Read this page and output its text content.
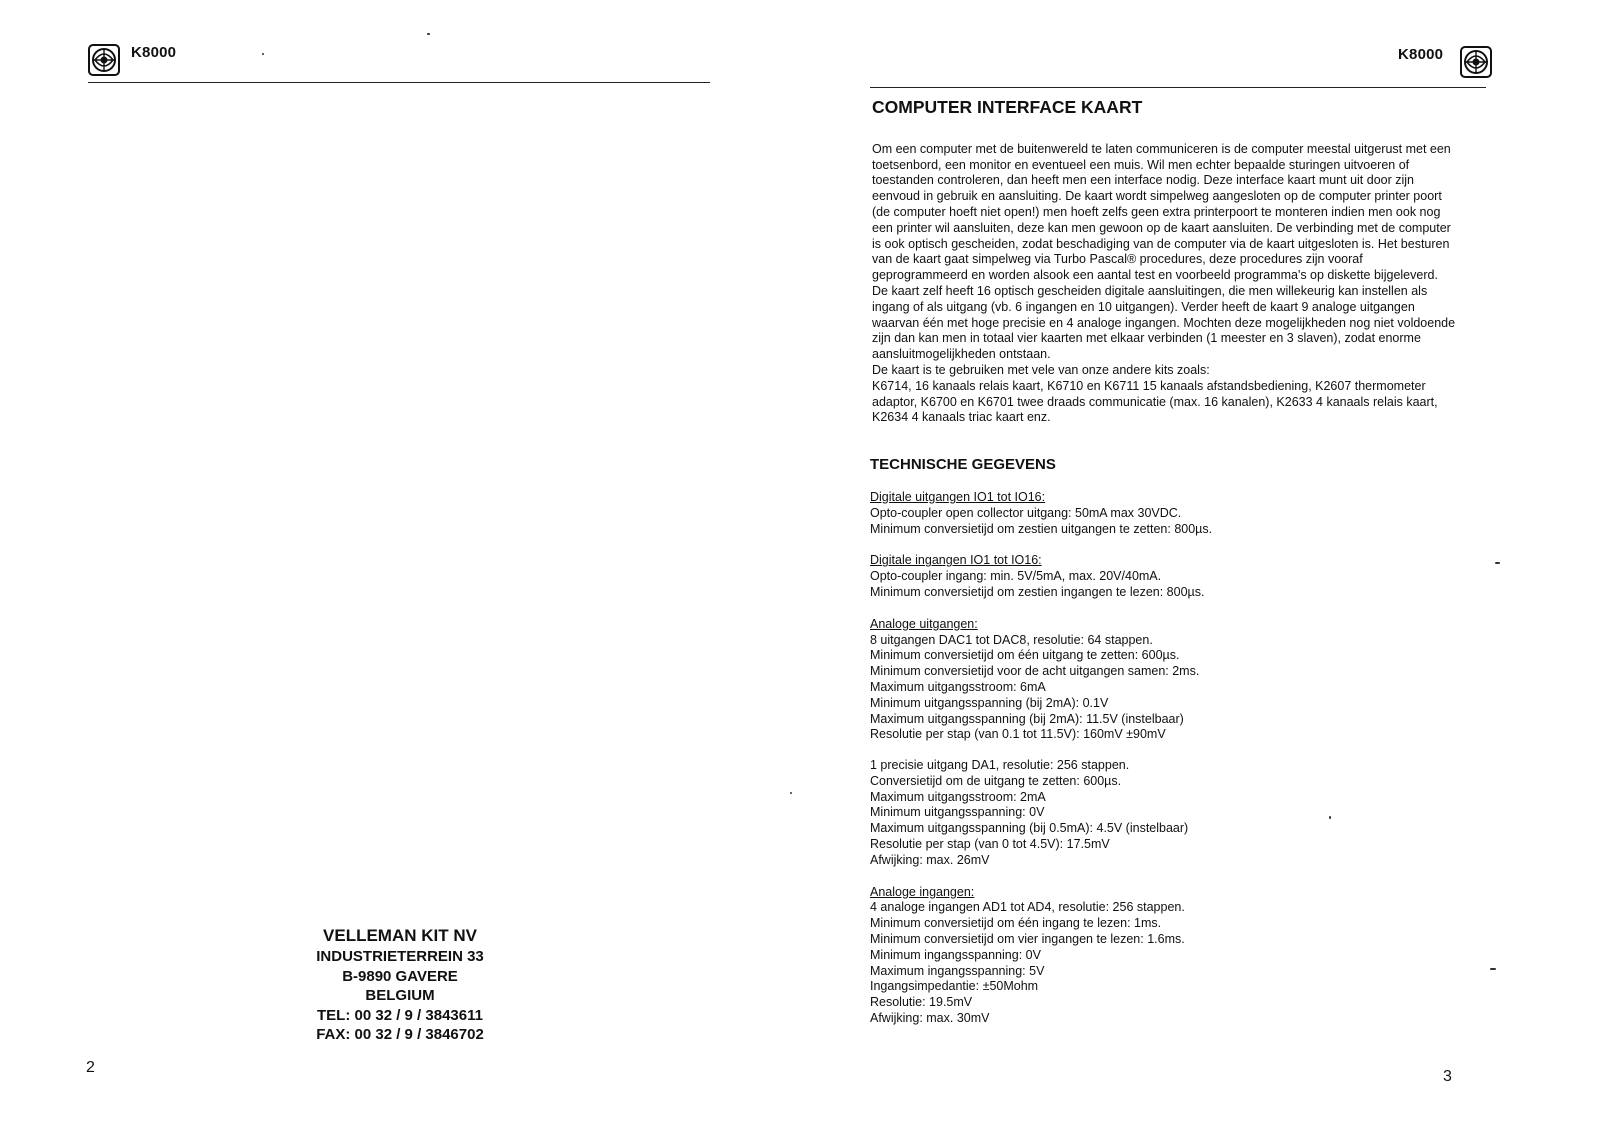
K8000
VELLEMAN KIT NV
INDUSTRIETERREIN 33
B-9890 GAVERE
BELGIUM
TEL: 00 32 / 9 / 3843611
FAX: 00 32 / 9 / 3846702
2
K8000
COMPUTER INTERFACE KAART
Om een computer met de buitenwereld te laten communiceren is de computer meestal uitgerust met een
toetsenbord, een monitor en eventueel een muis. Wil men echter bepaalde sturingen uitvoeren of
toestanden controleren, dan heeft men een interface nodig. Deze interface kaart munt uit door zijn
eenvoud in gebruik en aansluiting. De kaart wordt simpelweg aangesloten op de computer printer poort
(de computer hoeft niet open!) men hoeft zelfs geen extra printerpoort te monteren indien men ook nog
een printer wil aansluiten, deze kan men gewoon op de kaart aansluiten. De verbinding met de computer
is ook optisch gescheiden, zodat beschadiging van de computer via de kaart uitgesloten is. Het besturen
van de kaart gaat simpelweg via Turbo Pascal® procedures, deze procedures zijn vooraf
geprogrammeerd en worden alsook een aantal test en voorbeeld programma's op diskette bijgeleverd.
De kaart zelf heeft 16 optisch gescheiden digitale aansluitingen, die men willekeurig kan instellen als
ingang of als uitgang (vb. 6 ingangen en 10 uitgangen). Verder heeft de kaart 9 analoge uitgangen
waarvan één met hoge precisie en 4 analoge ingangen. Mochten deze mogelijkheden nog niet voldoende
zijn dan kan men in totaal vier kaarten met elkaar verbinden (1 meester en 3 slaven), zodat enorme
aansluitmogelijkheden ontstaan.
De kaart is te gebruiken met vele van onze andere kits zoals:
K6714, 16 kanaals relais kaart, K6710 en K6711 15 kanaals afstandsbediening, K2607 thermometer
adaptor, K6700 en K6701 twee draads communicatie (max. 16 kanalen), K2633 4 kanaals relais kaart,
K2634 4 kanaals triac kaart enz.
TECHNISCHE GEGEVENS
Digitale uitgangen IO1 tot IO16:
Opto-coupler open collector uitgang: 50mA max 30VDC.
Minimum conversietijd om zestien uitgangen te zetten: 800µs.
Digitale ingangen IO1 tot IO16:
Opto-coupler ingang: min. 5V/5mA, max. 20V/40mA.
Minimum conversietijd om zestien ingangen te lezen: 800µs.
Analoge uitgangen:
8 uitgangen DAC1 tot DAC8, resolutie: 64 stappen.
Minimum conversietijd om één uitgang te zetten: 600µs.
Minimum conversietijd voor de acht uitgangen samen: 2ms.
Maximum uitgangsstroom: 6mA
Minimum uitgangsspanning (bij 2mA): 0.1V
Maximum uitgangsspanning (bij 2mA): 11.5V (instelbaar)
Resolutie per stap (van 0.1 tot 11.5V): 160mV ±90mV
1 precisie uitgang DA1, resolutie: 256 stappen.
Conversietijd om de uitgang te zetten: 600µs.
Maximum uitgangsstroom: 2mA
Minimum uitgangsspanning: 0V
Maximum uitgangsspanning (bij 0.5mA): 4.5V (instelbaar)
Resolutie per stap (van 0 tot 4.5V): 17.5mV
Afwijking: max. 26mV
Analoge ingangen:
4 analoge ingangen AD1 tot AD4, resolutie: 256 stappen.
Minimum conversietijd om één ingang te lezen: 1ms.
Minimum conversietijd om vier ingangen te lezen: 1.6ms.
Minimum ingangsspanning: 0V
Maximum ingangsspanning: 5V
Ingangsimpedantie: ±50Mohm
Resolutie: 19.5mV
Afwijking: max. 30mV
3
